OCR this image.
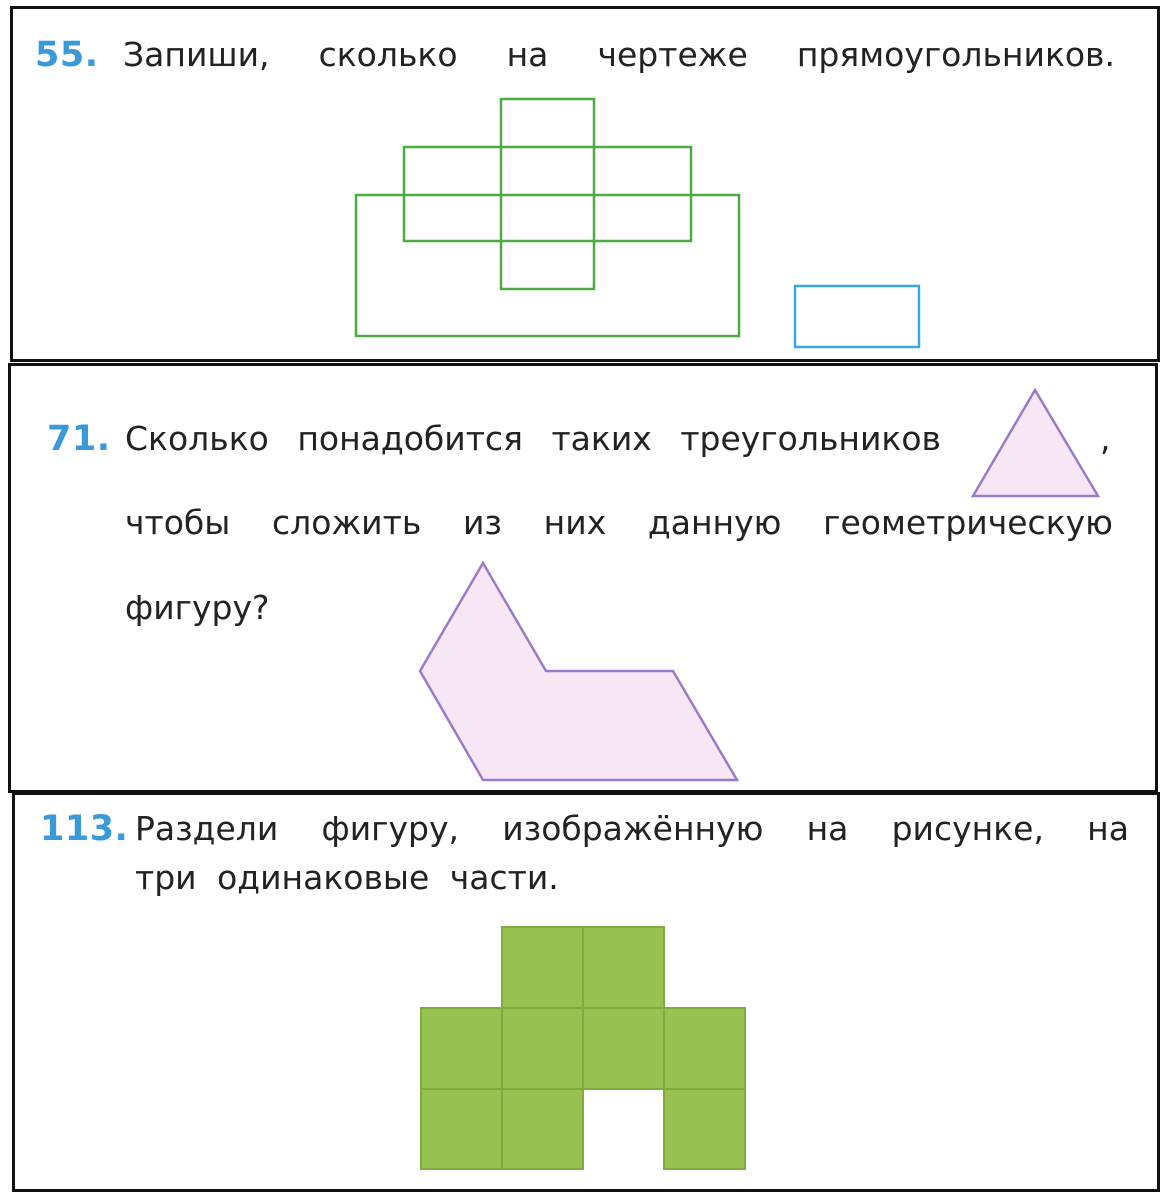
55. Запиши, сколько на чертеже прямоугольников.
71. Сколько понадобится таких треугольников	,
чтобы сложить из них данную геометрическую
фигуру?
113. Раздели фигуру, изображённую на рисунке, на
три одинаковые части.
